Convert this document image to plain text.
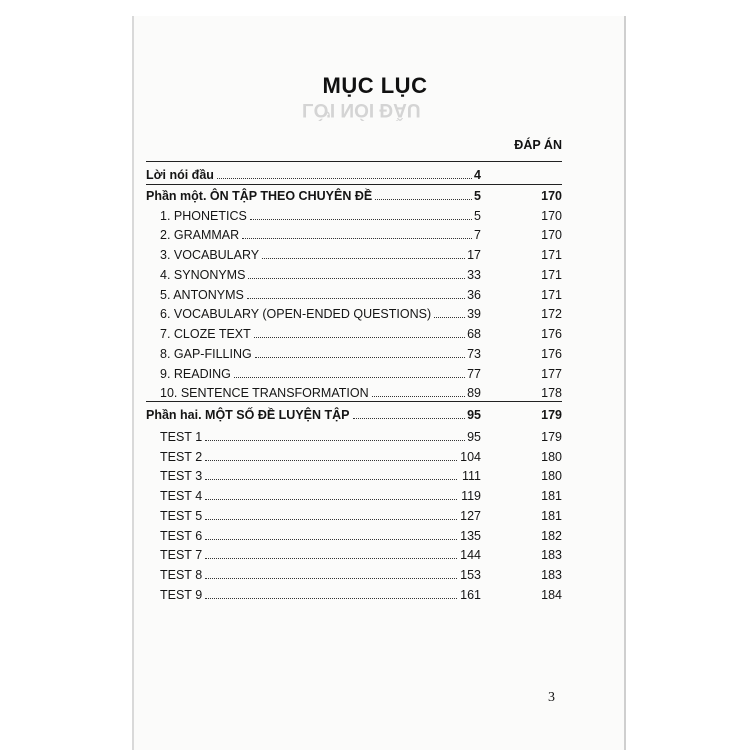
LỜI NÓI ĐẦU
MỤC LỤC
ĐÁP ÁN
Lời nói đầu	4
Phần một. ÔN TẬP THEO CHUYÊN ĐỀ	5	170
1. PHONETICS	5	170
2. GRAMMAR	7	170
3. VOCABULARY	17	171
4. SYNONYMS	33	171
5. ANTONYMS	36	171
6. VOCABULARY (OPEN-ENDED QUESTIONS)	39	172
7. CLOZE TEXT	68	176
8. GAP-FILLING	73	176
9. READING	77	177
10. SENTENCE TRANSFORMATION	89	178
Phần hai. MỘT SỐ ĐỀ LUYỆN TẬP	95	179
TEST 1	95	179
TEST 2	104	180
TEST 3	111	180
TEST 4	119	181
TEST 5	127	181
TEST 6	135	182
TEST 7	144	183
TEST 8	153	183
TEST 9	161	184
3
